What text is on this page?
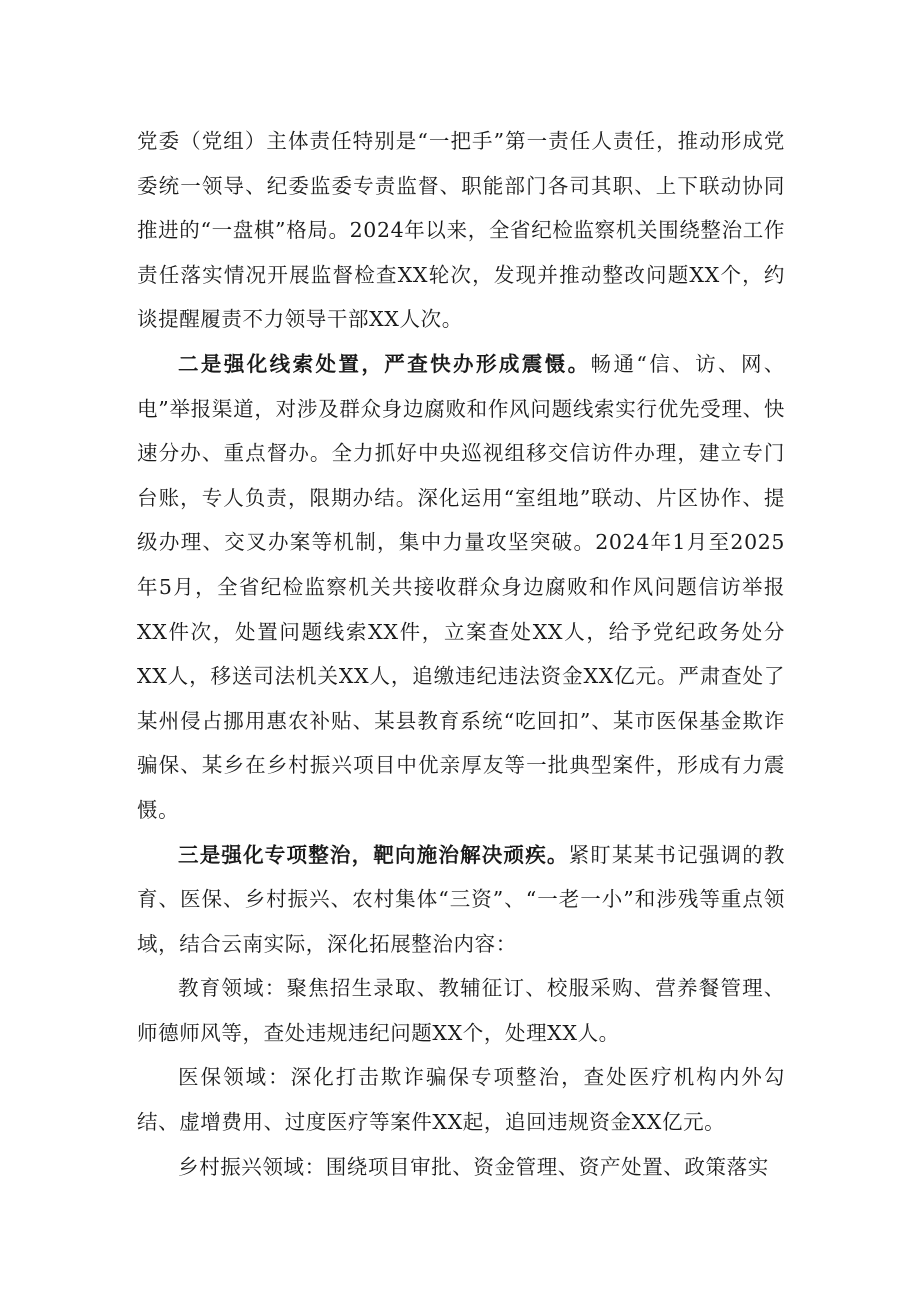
党委（党组）主体责任特别是“一把手”第一责任人责任，推动形成党委统一领导、纪委监委专责监督、职能部门各司其职、上下联动协同推进的“一盘棋”格局。2024年以来，全省纪检监察机关围绕整治工作责任落实情况开展监督检查XX轮次，发现并推动整改问题XX个，约谈提醒履责不力领导干部XX人次。

二是强化线索处置，严查快办形成震慑。畅通“信、访、网、电”举报渠道，对涉及群众身边腐败和作风问题线索实行优先受理、快速分办、重点督办。全力抓好中央巡视组移交信访件办理，建立专门台账，专人负责，限期办结。深化运用“室组地”联动、片区协作、提级办理、交叉办案等机制，集中力量攻坚突破。2024年1月至2025年5月，全省纪检监察机关共接收群众身边腐败和作风问题信访举报XX件次，处置问题线索XX件，立案查处XX人，给予党纪政务处分XX人，移送司法机关XX人，追缴违纪违法资金XX亿元。严肃查处了某州侵占挪用惠农补贴、某县教育系统“吃回扣”、某市医保基金欺诈骗保、某乡在乡村振兴项目中优亲厚友等一批典型案件，形成有力震慑。

三是强化专项整治，靶向施治解决顽疾。紧盯某某书记强调的教育、医保、乡村振兴、农村集体“三资”、“一老一小”和涉残等重点领域，结合云南实际，深化拓展整治内容：

教育领域：聚焦招生录取、教辅征订、校服采购、营养餐管理、师德师风等，查处违规违纪问题XX个，处理XX人。

医保领域：深化打击欺诈骗保专项整治，查处医疗机构内外勾结、虚增费用、过度医疗等案件XX起，追回违规资金XX亿元。

乡村振兴领域：围绕项目审批、资金管理、资产处置、政策落实
